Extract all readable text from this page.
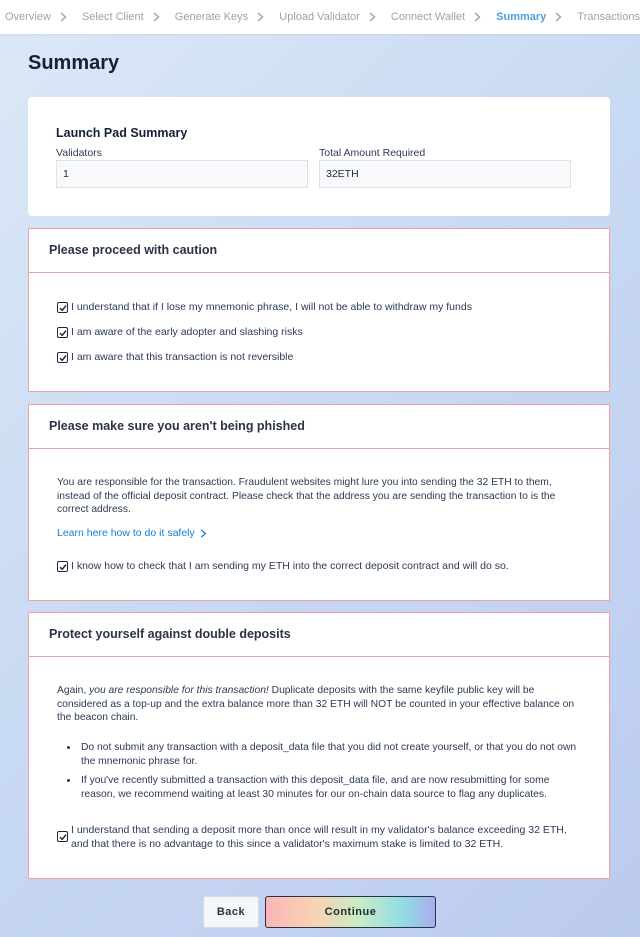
Overview	Select Client	Generate Keys	Upload Validator	Connect Wallet	Summary	Transactions
Summary
Launch Pad Summary
Validators
1
Total Amount Required
32ETH
Please proceed with caution
I understand that if I lose my mnemonic phrase, I will not be able to withdraw my funds
I am aware of the early adopter and slashing risks
I am aware that this transaction is not reversible
Please make sure you aren't being phished

You are responsible for the transaction. Fraudulent websites might lure you into sending the 32 ETH to them, instead of the official deposit contract. Please check that the address you are sending the transaction to is the correct address.

Learn here how to do it safely
I know how to check that I am sending my ETH into the correct deposit contract and will do so.
Protect yourself against double deposits

Again, you are responsible for this transaction! Duplicate deposits with the same keyfile public key will be considered as a top-up and the extra balance more than 32 ETH will NOT be counted in your effective balance on the beacon chain.

• Do not submit any transaction with a deposit_data file that you did not create yourself, or that you do not own the mnemonic phrase for.
• If you've recently submitted a transaction with this deposit_data file, and are now resubmitting for some reason, we recommend waiting at least 30 minutes for our on-chain data source to flag any duplicates.
I understand that sending a deposit more than once will result in my validator's balance exceeding 32 ETH, and that there is no advantage to this since a validator's maximum stake is limited to 32 ETH.
Back	Continue
